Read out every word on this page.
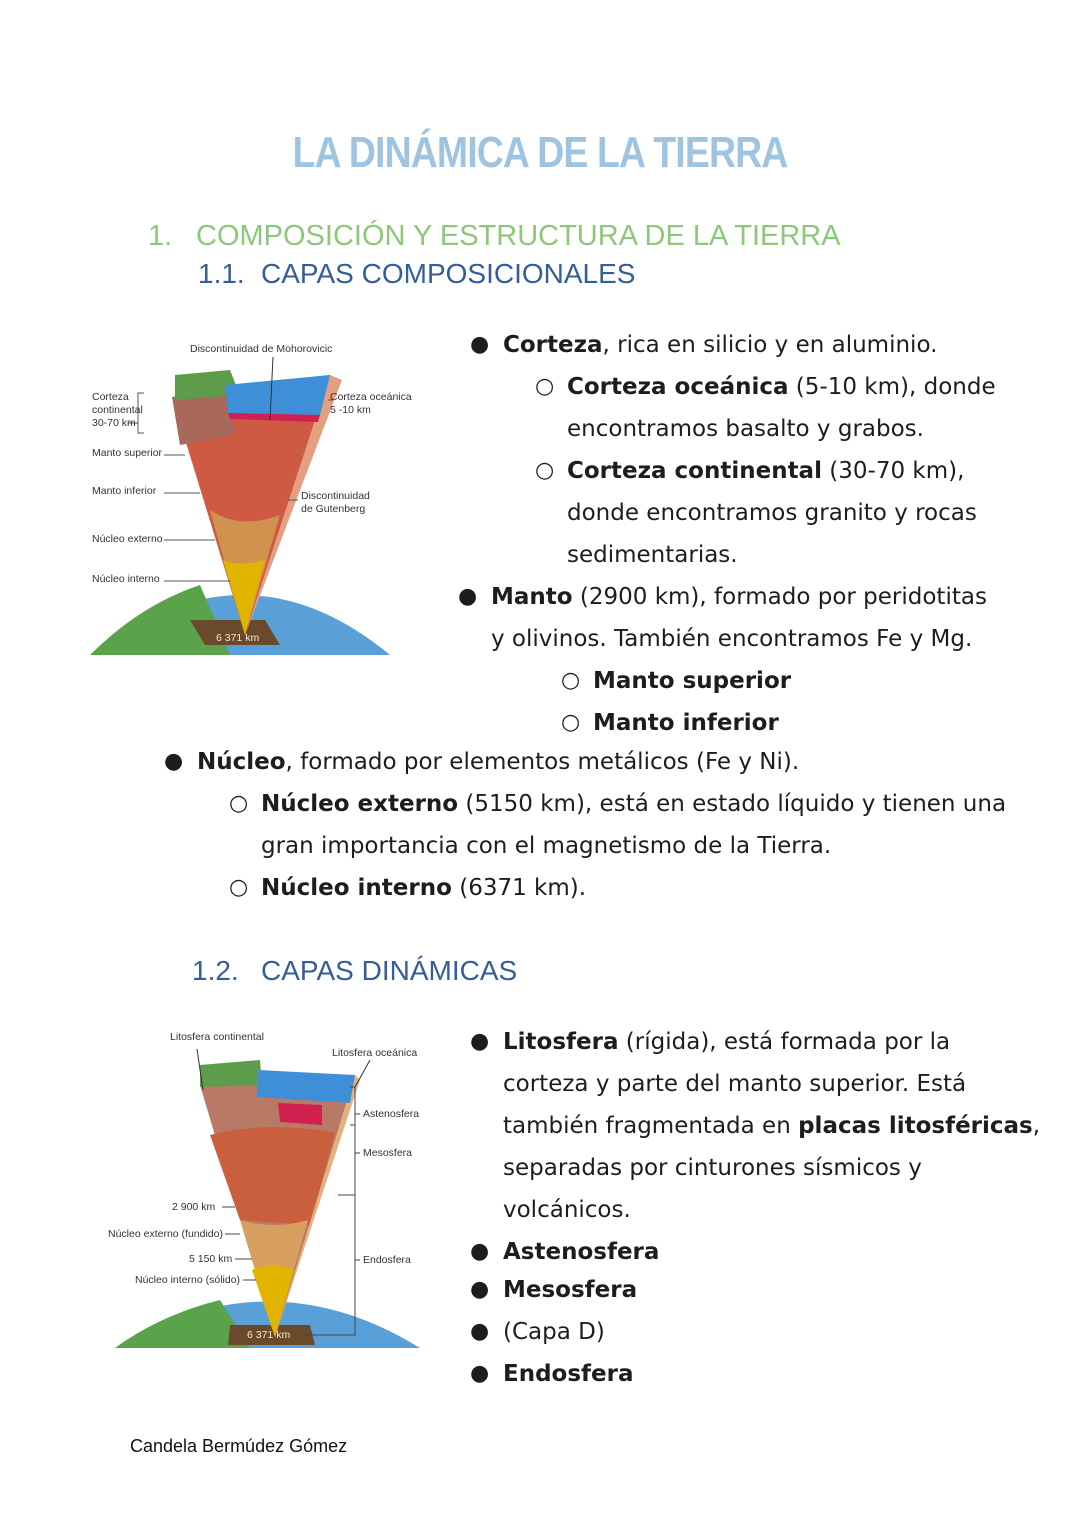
LA DINÁMICA DE LA TIERRA
1. COMPOSICIÓN Y ESTRUCTURA DE LA TIERRA
1.1. CAPAS COMPOSICIONALES
Discontinuidad de Mohorovicic
Corteza
continental
30-70 km
Corteza oceánica
5 -10 km
Manto superior
Manto inferior	Discontinuidad
de Gutenberg
Núcleo externo
Núcleo interno
6 371 km
● Corteza, rica en silicio y en aluminio.
○ Corteza oceánica (5-10 km), donde
encontramos basalto y grabos.
○ Corteza continental (30-70 km),
donde encontramos granito y rocas
sedimentarias.
● Manto (2900 km), formado por peridotitas
y olivinos. También encontramos Fe y Mg.
○ Manto superior
○ Manto inferior
● Núcleo, formado por elementos metálicos (Fe y Ni).
○ Núcleo externo (5150 km), está en estado líquido y tienen una
gran importancia con el magnetismo de la Tierra.
○ Núcleo interno (6371 km).
1.2. CAPAS DINÁMICAS
Litosfera continental
Litosfera oceánica
Astenosfera
Mesosfera
2 900 km
Núcleo externo (fundido)
5 150 km
Núcleo interno (sólido)
Endosfera
6 371 km
● Litosfera (rígida), está formada por la
corteza y parte del manto superior. Está
también fragmentada en placas litosféricas,
separadas por cinturones sísmicos y
volcánicos.
● Astenosfera
● Mesosfera
● (Capa D)
● Endosfera
Candela Bermúdez Gómez
